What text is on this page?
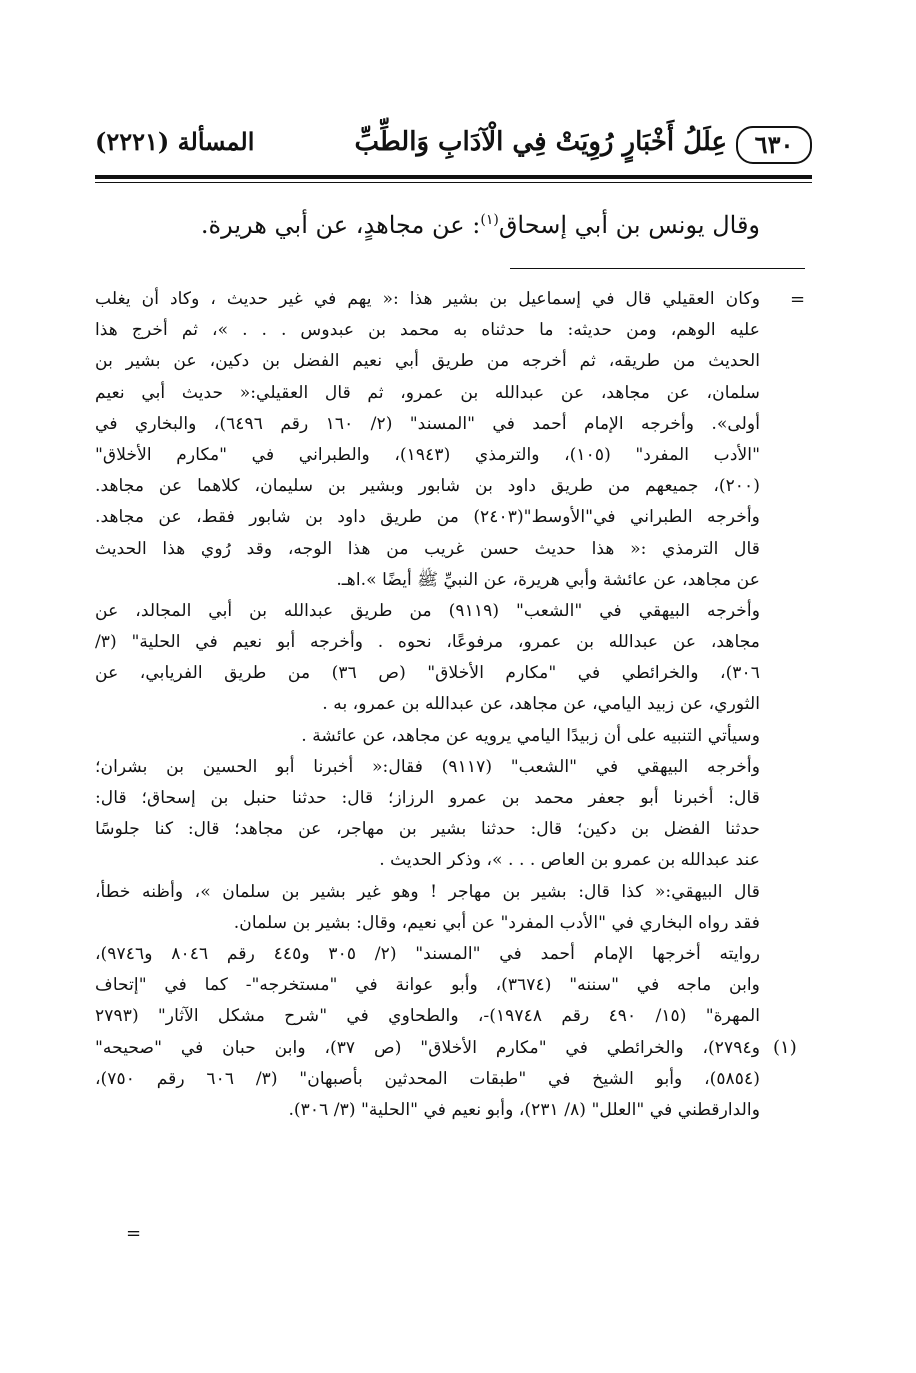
٦٣٠
عِلَلُ أَخْبَارٍ رُوِيَتْ فِي الْآدَابِ وَالطِّبِّ
المسألة (٢٢٢١)
وقال يونس بن أبي إسحاق$^{(١)}$: عن مجاهدٍ، عن أبي هريرة.
=
وكان العقيلي قال في إسماعيل بن بشير هذا :« يهم في غير حديث ، وكاد أن يغلب
عليه الوهم، ومن حديثه: ما حدثناه به محمد بن عبدوس . . . »، ثم أخرج هذا
الحديث من طريقه، ثم أخرجه من طريق أبي نعيم الفضل بن دكين، عن بشير بن
سلمان، عن مجاهد، عن عبدالله بن عمرو، ثم قال العقيلي:« حديث أبي نعيم
أولى». وأخرجه الإمام أحمد في "المسند" (٢/ ١٦٠ رقم ٦٤٩٦)، والبخاري في
"الأدب المفرد" (١٠٥)، والترمذي (١٩٤٣)، والطبراني في "مكارم الأخلاق"
(٢٠٠)، جميعهم من طريق داود بن شابور وبشير بن سليمان، كلاهما عن مجاهد.
وأخرجه الطبراني في"الأوسط"(٢٤٠٣) من طريق داود بن شابور فقط، عن مجاهد.
قال الترمذي :« هذا حديث حسن غريب من هذا الوجه، وقد رُوي هذا الحديث
عن مجاهد، عن عائشة وأبي هريرة، عن النبيِّ ﷺ أيضًا ».اهـ.
وأخرجه البيهقي في "الشعب" (٩١١٩) من طريق عبدالله بن أبي المجالد، عن
مجاهد، عن عبدالله بن عمرو، مرفوعًا، نحوه . وأخرجه أبو نعيم في الحلية" (٣/
٣٠٦)، والخرائطي في "مكارم الأخلاق" (ص ٣٦) من طريق الفريابي، عن
الثوري، عن زبيد اليامي، عن مجاهد، عن عبدالله بن عمرو، به .
وسيأتي التنبيه على أن زبيدًا اليامي يرويه عن مجاهد، عن عائشة .
وأخرجه البيهقي في "الشعب" (٩١١٧) فقال:« أخبرنا أبو الحسين بن بشران؛
قال: أخبرنا أبو جعفر محمد بن عمرو الرزاز؛ قال: حدثنا حنبل بن إسحاق؛ قال:
حدثنا الفضل بن دكين؛ قال: حدثنا بشير بن مهاجر، عن مجاهد؛ قال: كنا جلوسًا
عند عبدالله بن عمرو بن العاص . . . »، وذكر الحديث .
قال البيهقي:« كذا قال: بشير بن مهاجر ! وهو غير بشير بن سلمان »، وأظنه خطأ،
فقد رواه البخاري في "الأدب المفرد" عن أبي نعيم، وقال: بشير بن سلمان.
روايته أخرجها الإمام أحمد في "المسند" (٢/ ٣٠٥ و٤٤٥ رقم ٨٠٤٦ و٩٧٤٦)،
وابن ماجه في "سننه" (٣٦٧٤)، وأبو عوانة في "مستخرجه"- كما في "إتحاف
المهرة" (١٥/ ٤٩٠ رقم ١٩٧٤٨)-، والطحاوي في "شرح مشكل الآثار" (٢٧٩٣
و٢٧٩٤)، والخرائطي في "مكارم الأخلاق" (ص ٣٧)، وابن حبان في "صحيحه"
(٥٨٥٤)، وأبو الشيخ في "طبقات المحدثين بأصبهان" (٣/ ٦٠٦ رقم ٧٥٠)،
والدارقطني في "العلل" (٨/ ٢٣١)، وأبو نعيم في "الحلية" (٣/ ٣٠٦).
(١)
=
